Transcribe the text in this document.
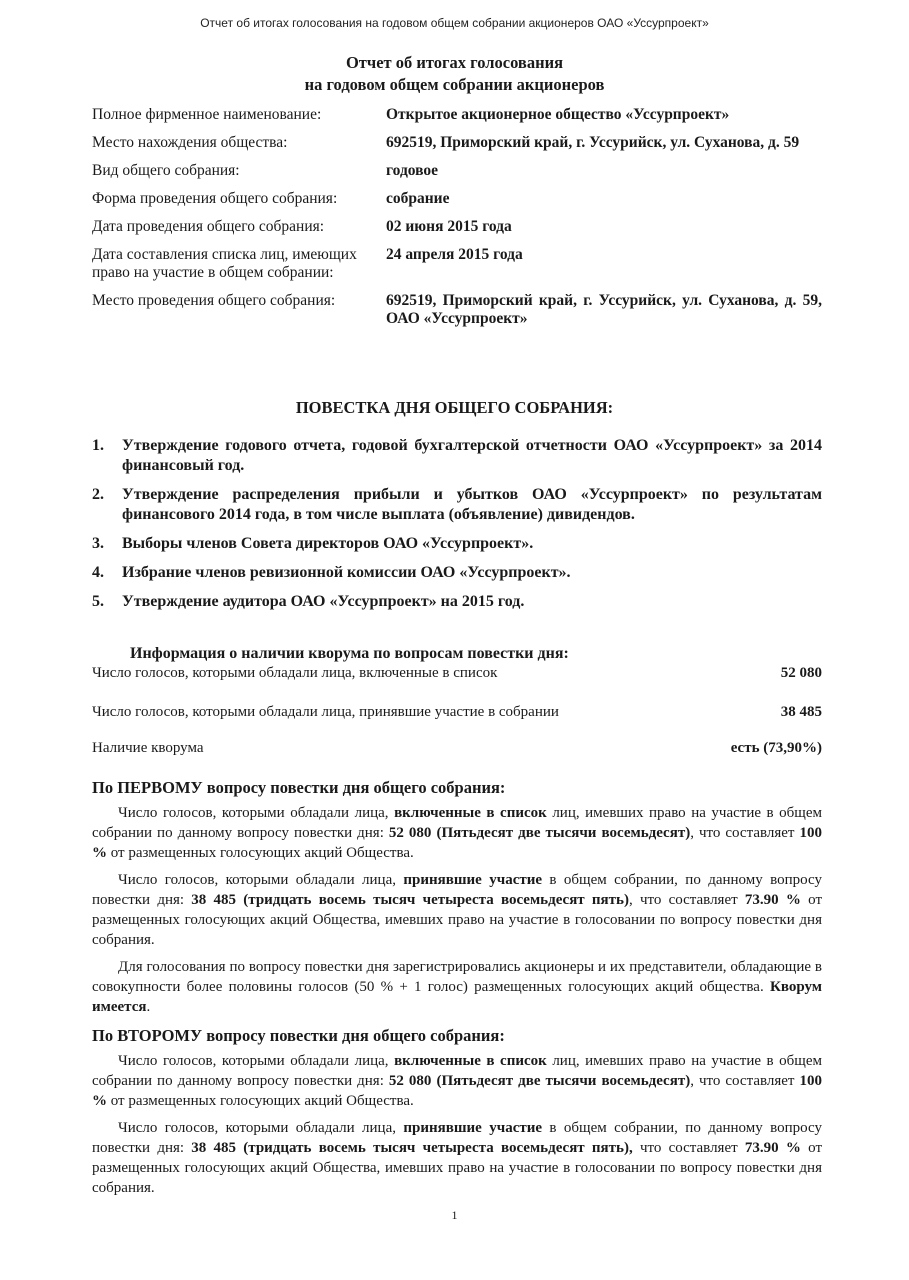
Отчет об итогах голосования на годовом общем собрании акционеров ОАО «Уссурпроект»
Отчет об итогах голосования
на годовом общем собрании акционеров
Полное фирменное наименование:	Открытое акционерное общество «Уссурпроект»
Место нахождения общества:	692519, Приморский край, г. Уссурийск, ул. Суханова, д. 59
Вид общего собрания:	годовое
Форма проведения общего собрания:	собрание
Дата проведения общего собрания:	02 июня 2015 года
Дата составления списка лиц, имеющих право на участие в общем собрании:
24 апреля 2015 года
Место проведения общего собрания:	692519, Приморский край, г. Уссурийск, ул. Суханова, д. 59, ОАО «Уссурпроект»
ПОВЕСТКА ДНЯ ОБЩЕГО СОБРАНИЯ:
1.	Утверждение годового отчета, годовой бухгалтерской отчетности ОАО «Уссурпроект» за 2014 финансовый год.
2.	Утверждение распределения прибыли и убытков ОАО «Уссурпроект» по результатам финансового 2014 года, в том числе выплата (объявление) дивидендов.
3.	Выборы членов Совета директоров ОАО «Уссурпроект».
4.	Избрание членов ревизионной комиссии ОАО «Уссурпроект».
5.	Утверждение аудитора ОАО «Уссурпроект» на 2015 год.
Информация о наличии кворума по вопросам повестки дня:
Число голосов, которыми обладали лица, включенные в список	52 080
Число голосов, которыми обладали лица, принявшие участие в собрании	38 485
Наличие кворума	есть (73,90%)
По ПЕРВОМУ вопросу повестки дня общего собрания:

Число голосов, которыми обладали лица, включенные в список лиц, имевших право на участие в общем собрании по данному вопросу повестки дня: 52 080 (Пятьдесят две тысячи восемьдесят), что составляет 100 % от размещенных голосующих акций Общества.

Число голосов, которыми обладали лица, принявшие участие в общем собрании, по данному вопросу повестки дня: 38 485 (тридцать восемь тысяч четыреста восемьдесят пять), что составляет 73.90 % от размещенных голосующих акций Общества, имевших право на участие в голосовании по вопросу повестки дня собрания.

Для голосования по вопросу повестки дня зарегистрировались акционеры и их представители, обладающие в совокупности более половины голосов (50 % + 1 голос) размещенных голосующих акций общества. Кворум имеется.

По ВТОРОМУ вопросу повестки дня общего собрания:

Число голосов, которыми обладали лица, включенные в список лиц, имевших право на участие в общем собрании по данному вопросу повестки дня: 52 080 (Пятьдесят две тысячи восемьдесят), что составляет 100 % от размещенных голосующих акций Общества.

Число голосов, которыми обладали лица, принявшие участие в общем собрании, по данному вопросу повестки дня: 38 485 (тридцать восемь тысяч четыреста восемьдесят пять), что составляет 73.90 % от размещенных голосующих акций Общества, имевших право на участие в голосовании по вопросу повестки дня собрания.

1
